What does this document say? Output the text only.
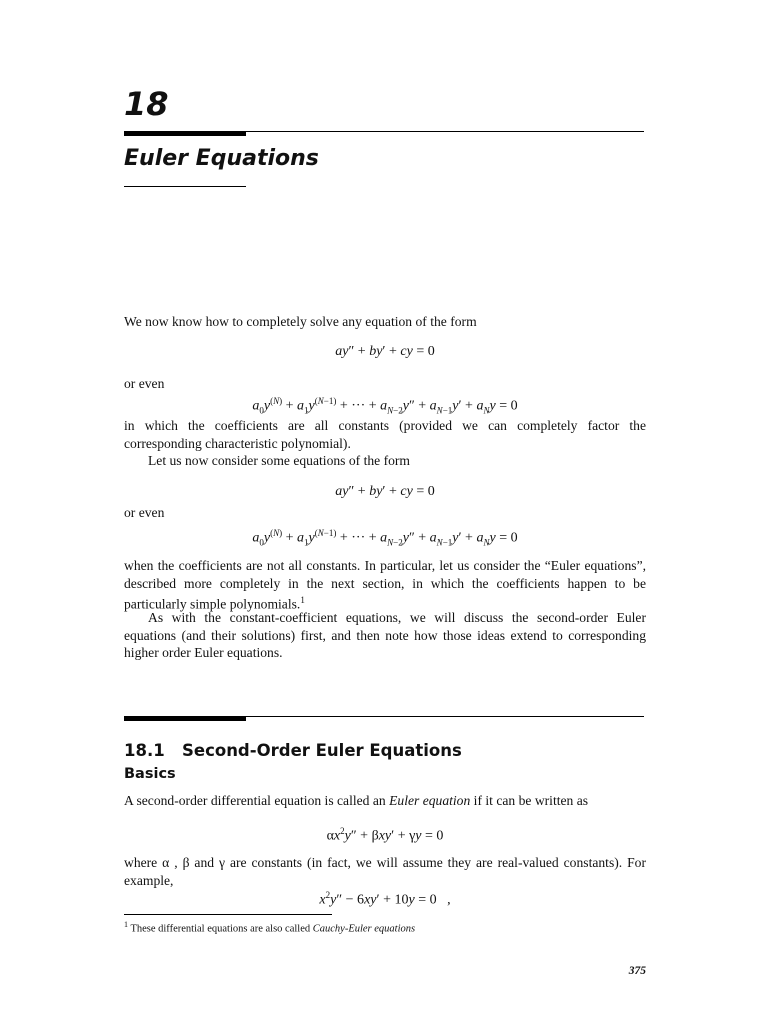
18
Euler Equations
We now know how to completely solve any equation of the form
ay″ + by′ + cy = 0
or even
$a_0y^{(N)} + a_1y^{(N-1)}$ + ··· + $a_{N-2}y'' + a_{N-1}y' + a_Ny = 0$
in which the coefficients are all constants (provided we can completely factor the corresponding characteristic polynomial).
Let us now consider some equations of the form
ay″ + by′ + cy = 0
or even
$a_0y^{(N)} + a_1y^{(N-1)}$ + ··· + $a_{N-2}y'' + a_{N-1}y' + a_Ny = 0$
when the coefficients are not all constants. In particular, let us consider the “Euler equations”, described more completely in the next section, in which the coefficients happen to be particularly simple polynomials.$^1$
As with the constant-coefficient equations, we will discuss the second-order Euler equations (and their solutions) first, and then note how those ideas extend to corresponding higher order Euler equations.
18.1 Second-Order Euler Equations
Basics
A second-order differential equation is called an Euler equation if it can be written as
$\alpha x^2y'' + \beta xy' + \gamma y = 0$
where α , β and γ are constants (in fact, we will assume they are real-valued constants). For example,
$x^2y'' - 6xy' + 10y = 0$   ,
$^1$ These differential equations are also called Cauchy-Euler equations
375
